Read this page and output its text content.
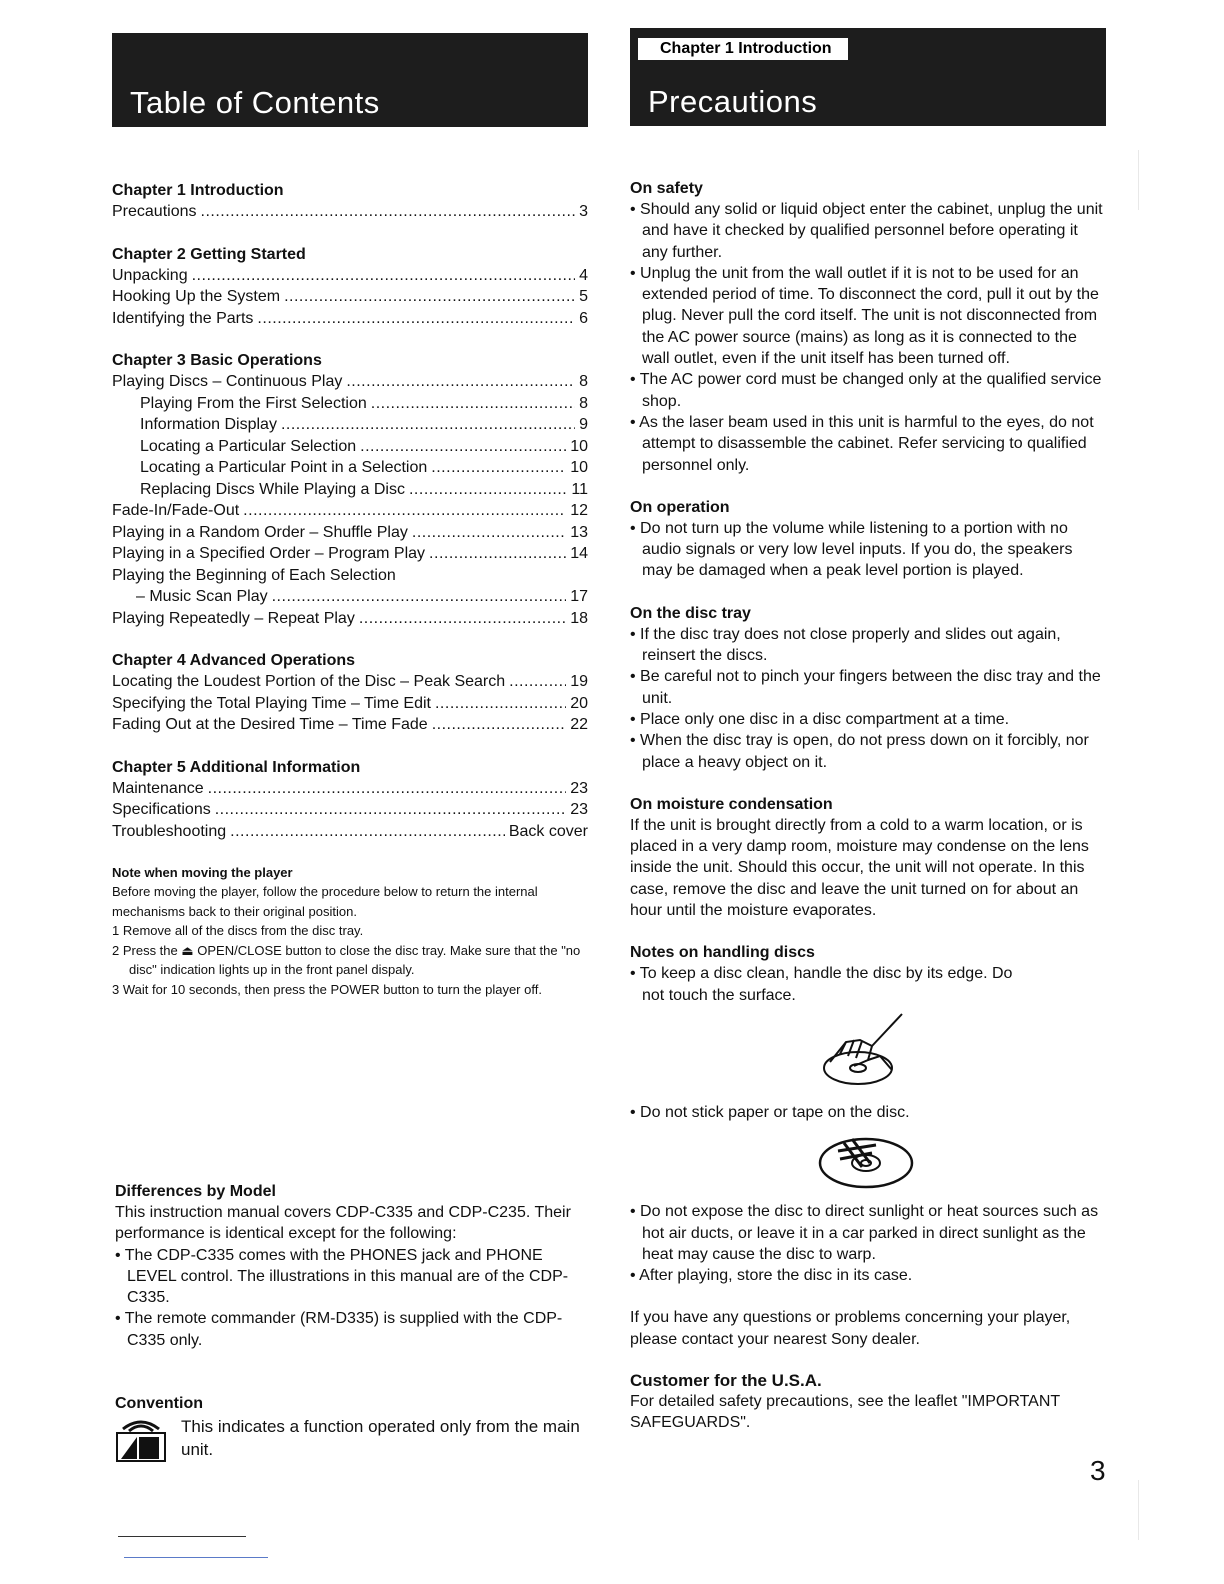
Table of Contents
Chapter 1 Introduction
Precautions .....	3
Chapter 2 Getting Started
Unpacking .....	4
Hooking Up the System .....	5
Identifying the Parts .....	6
Chapter 3 Basic Operations
Playing Discs – Continuous Play .....	8
Playing From the First Selection .....	8
Information Display .....	9
Locating a Particular Selection .....	10
Locating a Particular Point in a Selection .....	10
Replacing Discs While Playing a Disc .....	11
Fade-In/Fade-Out .....	12
Playing in a Random Order – Shuffle Play .....	13
Playing in a Specified Order – Program Play .....	14
Playing the Beginning of Each Selection
– Music Scan Play .....	17
Playing Repeatedly – Repeat Play .....	18
Chapter 4 Advanced Operations
Locating the Loudest Portion of the Disc – Peak Search .....	19
Specifying the Total Playing Time – Time Edit .....	20
Fading Out at the Desired Time – Time Fade .....	22
Chapter 5 Additional Information
Maintenance .....	23
Specifications .....	23
Troubleshooting .....	Back cover
Note when moving the player
Before moving the player, follow the procedure below to return the internal mechanisms back to their original position.
1 Remove all of the discs from the disc tray.
2 Press the ⏏ OPEN/CLOSE button to close the disc tray. Make sure that the "no disc" indication lights up in the front panel dispaly.
3 Wait for 10 seconds, then press the POWER button to turn the player off.
Differences by Model
This instruction manual covers CDP-C335 and CDP-C235. Their performance is identical except for the following:
• The CDP-C335 comes with the PHONES jack and PHONE LEVEL control. The illustrations in this manual are of the CDP-C335.
• The remote commander (RM-D335) is supplied with the CDP-C335 only.
Convention
This indicates a function operated only from the main unit.
Chapter 1 Introduction
Precautions
On safety
• Should any solid or liquid object enter the cabinet, unplug the unit and have it checked by qualified personnel before operating it any further.
• Unplug the unit from the wall outlet if it is not to be used for an extended period of time. To disconnect the cord, pull it out by the plug. Never pull the cord itself. The unit is not disconnected from the AC power source (mains) as long as it is connected to the wall outlet, even if the unit itself has been turned off.
• The AC power cord must be changed only at the qualified service shop.
• As the laser beam used in this unit is harmful to the eyes, do not attempt to disassemble the cabinet. Refer servicing to qualified personnel only.
On operation
• Do not turn up the volume while listening to a portion with no audio signals or very low level inputs. If you do, the speakers may be damaged when a peak level portion is played.
On the disc tray
• If the disc tray does not close properly and slides out again, reinsert the discs.
• Be careful not to pinch your fingers between the disc tray and the unit.
• Place only one disc in a disc compartment at a time.
• When the disc tray is open, do not press down on it forcibly, nor place a heavy object on it.
On moisture condensation
If the unit is brought directly from a cold to a warm location, or is placed in a very damp room, moisture may condense on the lens inside the unit. Should this occur, the unit will not operate. In this case, remove the disc and leave the unit turned on for about an hour until the moisture evaporates.
Notes on handling discs
• To keep a disc clean, handle the disc by its edge. Do not touch the surface.
• Do not stick paper or tape on the disc.
• Do not expose the disc to direct sunlight or heat sources such as hot air ducts, or leave it in a car parked in direct sunlight as the heat may cause the disc to warp.
• After playing, store the disc in its case.
If you have any questions or problems concerning your player, please contact your nearest Sony dealer.
Customer for the U.S.A.
For detailed safety precautions, see the leaflet "IMPORTANT SAFEGUARDS".
3
